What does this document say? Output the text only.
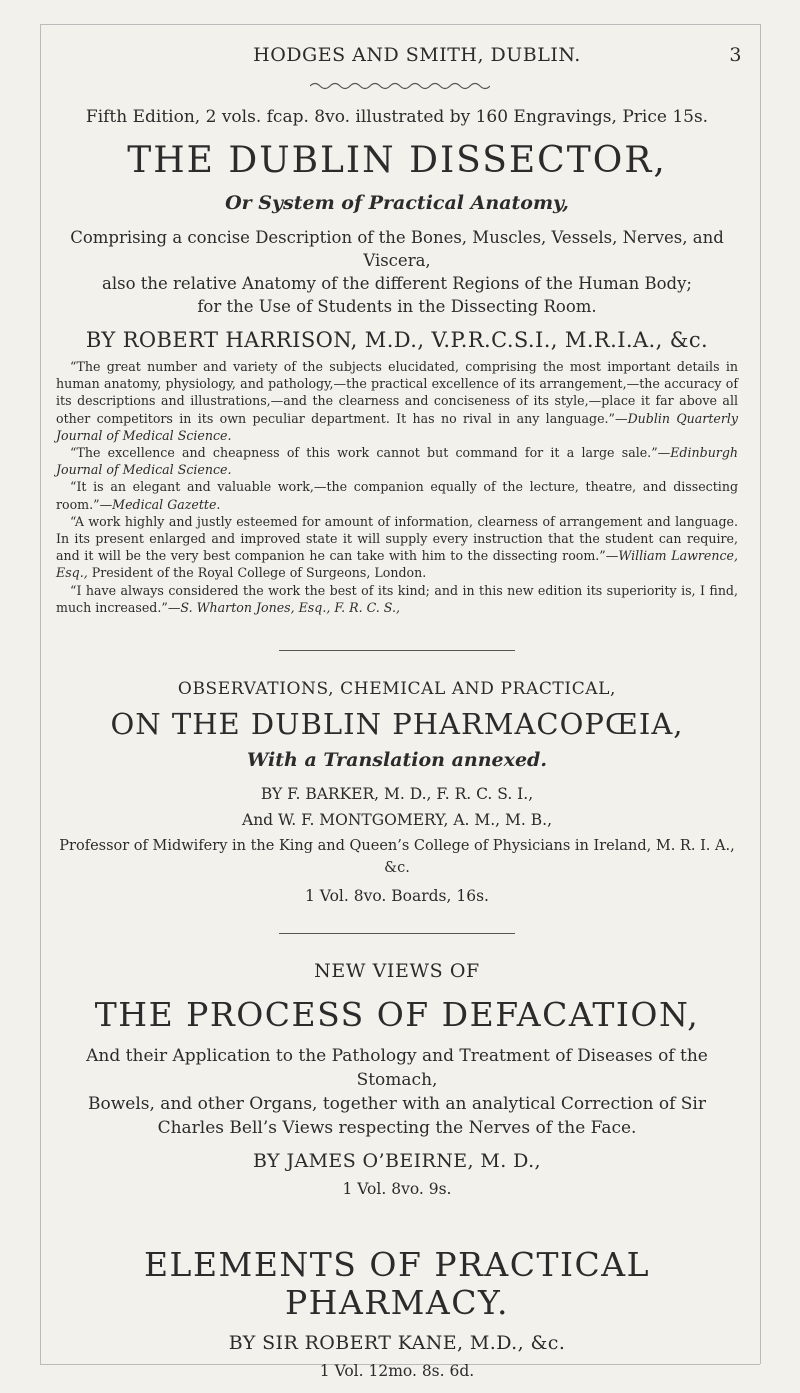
HODGES AND SMITH, DUBLIN.	3
Fifth Edition, 2 vols. fcap. 8vo. illustrated by 160 Engravings, Price 15s.
THE DUBLIN DISSECTOR,
Or System of Practical Anatomy,
Comprising a concise Description of the Bones, Muscles, Vessels, Nerves, and Viscera,
also the relative Anatomy of the different Regions of the Human Body;
for the Use of Students in the Dissecting Room.
BY ROBERT HARRISON, M.D., V.P.R.C.S.I., M.R.I.A., &c.

“The great number and variety of the subjects elucidated, comprising the most important details in human anatomy, physiology, and pathology,—the practical excellence of its arrangement,—the accuracy of its descriptions and illustrations,—and the clearness and conciseness of its style,—place it far above all other competitors in its own peculiar department. It has no rival in any language.”—Dublin Quarterly Journal of Medical Science.

“The excellence and cheapness of this work cannot but command for it a large sale.”—Edinburgh Journal of Medical Science.

“It is an elegant and valuable work,—the companion equally of the lecture, theatre, and dissecting room.”—Medical Gazette.

“A work highly and justly esteemed for amount of information, clearness of arrangement and language. In its present enlarged and improved state it will supply every instruction that the student can require, and it will be the very best companion he can take with him to the dissecting room.”—William Lawrence, Esq., President of the Royal College of Surgeons, London.

“I have always considered the work the best of its kind; and in this new edition its superiority is, I find, much increased.”—S. Wharton Jones, Esq., F. R. C. S.,

OBSERVATIONS, CHEMICAL AND PRACTICAL,
ON THE DUBLIN PHARMACOPŒIA,
With a Translation annexed.
BY F. BARKER, M. D., F. R. C. S. I.,
And W. F. MONTGOMERY, A. M., M. B.,
Professor of Midwifery in the King and Queen’s College of Physicians in Ireland, M. R. I. A., &c.
1 Vol. 8vo. Boards, 16s.
NEW VIEWS OF
THE PROCESS OF DEFACATION,
And their Application to the Pathology and Treatment of Diseases of the Stomach,
Bowels, and other Organs, together with an analytical Correction of Sir
Charles Bell’s Views respecting the Nerves of the Face.
BY JAMES O’BEIRNE, M. D.,
1 Vol. 8vo. 9s.
ELEMENTS OF PRACTICAL PHARMACY.
BY SIR ROBERT KANE, M.D., &c.
1 Vol. 12mo. 8s. 6d.
